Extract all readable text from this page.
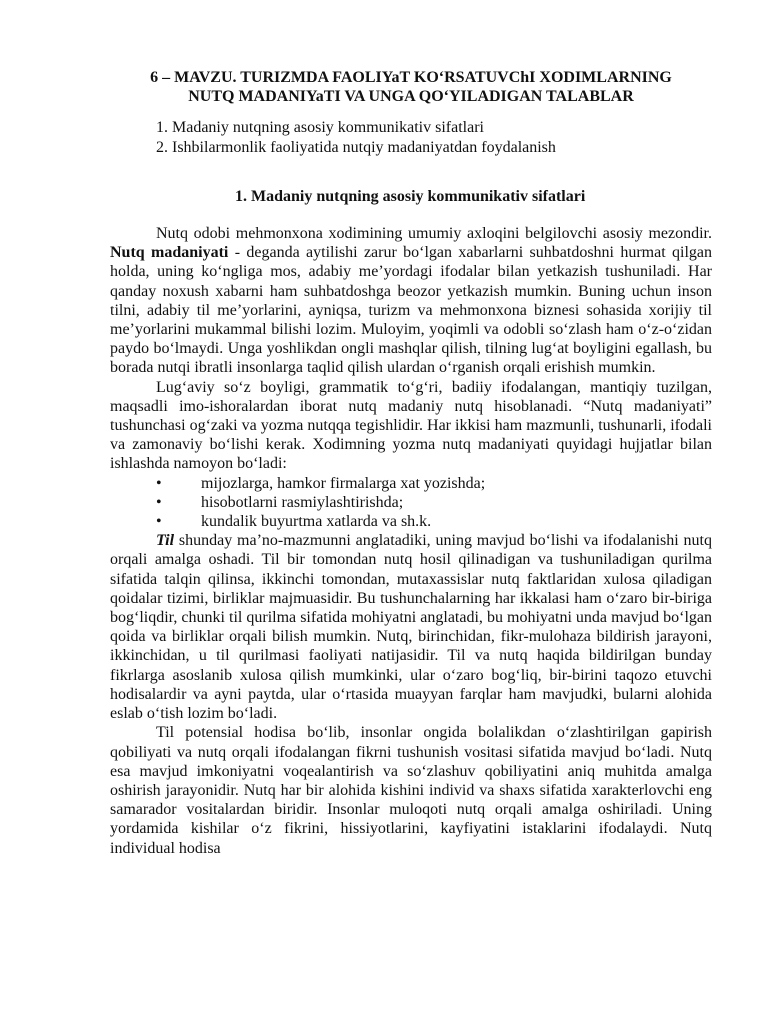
6 – MAVZU. TURIZMDA FAOLIYaT KO‘RSATUVChI XODIMLARNING
NUTQ MADANIYaTI VA UNGA QO‘YILADIGAN TALABLAR
1. Madaniy nutqning asosiy kommunikativ sifatlari
2. Ishbilarmonlik faoliyatida nutqiy madaniyatdan foydalanish
1. Madaniy nutqning asosiy kommunikativ sifatlari

Nutq odobi mehmonxona xodimining umumiy axloqini belgilovchi asosiy mezondir. Nutq madaniyati - deganda aytilishi zarur bo‘lgan xabarlarni suhbatdoshni hurmat qilgan holda, uning ko‘ngliga mos, adabiy me’yordagi ifodalar bilan yetkazish tushuniladi. Har qanday noxush xabarni ham suhbatdoshga beozor yetkazish mumkin. Buning uchun inson tilni, adabiy til me’yorlarini, ayniqsa, turizm va mehmonxona biznesi sohasida xorijiy til me’yorlarini mukammal bilishi lozim. Muloyim, yoqimli va odobli so‘zlash ham o‘z-o‘zidan paydo bo‘lmaydi. Unga yoshlikdan ongli mashqlar qilish, tilning lug‘at boyligini egallash, bu borada nutqi ibratli insonlarga taqlid qilish ulardan o‘rganish orqali erishish mumkin.

Lug‘aviy so‘z boyligi, grammatik to‘g‘ri, badiiy ifodalangan, mantiqiy tuzilgan, maqsadli imo-ishoralardan iborat nutq madaniy nutq hisoblanadi. “Nutq madaniyati” tushunchasi og‘zaki va yozma nutqqa tegishlidir. Har ikkisi ham mazmunli, tushunarli, ifodali va zamonaviy bo‘lishi kerak. Xodimning yozma nutq madaniyati quyidagi hujjatlar bilan ishlashda namoyon bo‘ladi:

• mijozlarga, hamkor firmalarga xat yozishda;
• hisobotlarni rasmiylashtirishda;
• kundalik buyurtma xatlarda va sh.k.

Til shunday ma’no-mazmunni anglatadiki, uning mavjud bo‘lishi va ifodalanishi nutq orqali amalga oshadi. Til bir tomondan nutq hosil qilinadigan va tushuniladigan qurilma sifatida talqin qilinsa, ikkinchi tomondan, mutaxassislar nutq faktlaridan xulosa qiladigan qoidalar tizimi, birliklar majmuasidir. Bu tushunchalarning har ikkalasi ham o‘zaro bir-biriga bog‘liqdir, chunki til qurilma sifatida mohiyatni anglatadi, bu mohiyatni unda mavjud bo‘lgan qoida va birliklar orqali bilish mumkin. Nutq, birinchidan, fikr-mulohaza bildirish jarayoni, ikkinchidan, u til qurilmasi faoliyati natijasidir. Til va nutq haqida bildirilgan bunday fikrlarga asoslanib xulosa qilish mumkinki, ular o‘zaro bog‘liq, bir-birini taqozo etuvchi hodisalardir va ayni paytda, ular o‘rtasida muayyan farqlar ham mavjudki, bularni alohida eslab o‘tish lozim bo‘ladi.

Til potensial hodisa bo‘lib, insonlar ongida bolalikdan o‘zlashtirilgan gapirish qobiliyati va nutq orqali ifodalangan fikrni tushunish vositasi sifatida mavjud bo‘ladi. Nutq esa mavjud imkoniyatni voqealantirish va so‘zlashuv qobiliyatini aniq muhitda amalga oshirish jarayonidir. Nutq har bir alohida kishini individ va shaxs sifatida xarakterlovchi eng samarador vositalardan biridir. Insonlar muloqoti nutq orqali amalga oshiriladi. Uning yordamida kishilar o‘z fikrini, hissiyotlarini, kayfiyatini istaklarini ifodalaydi. Nutq individual hodisa
